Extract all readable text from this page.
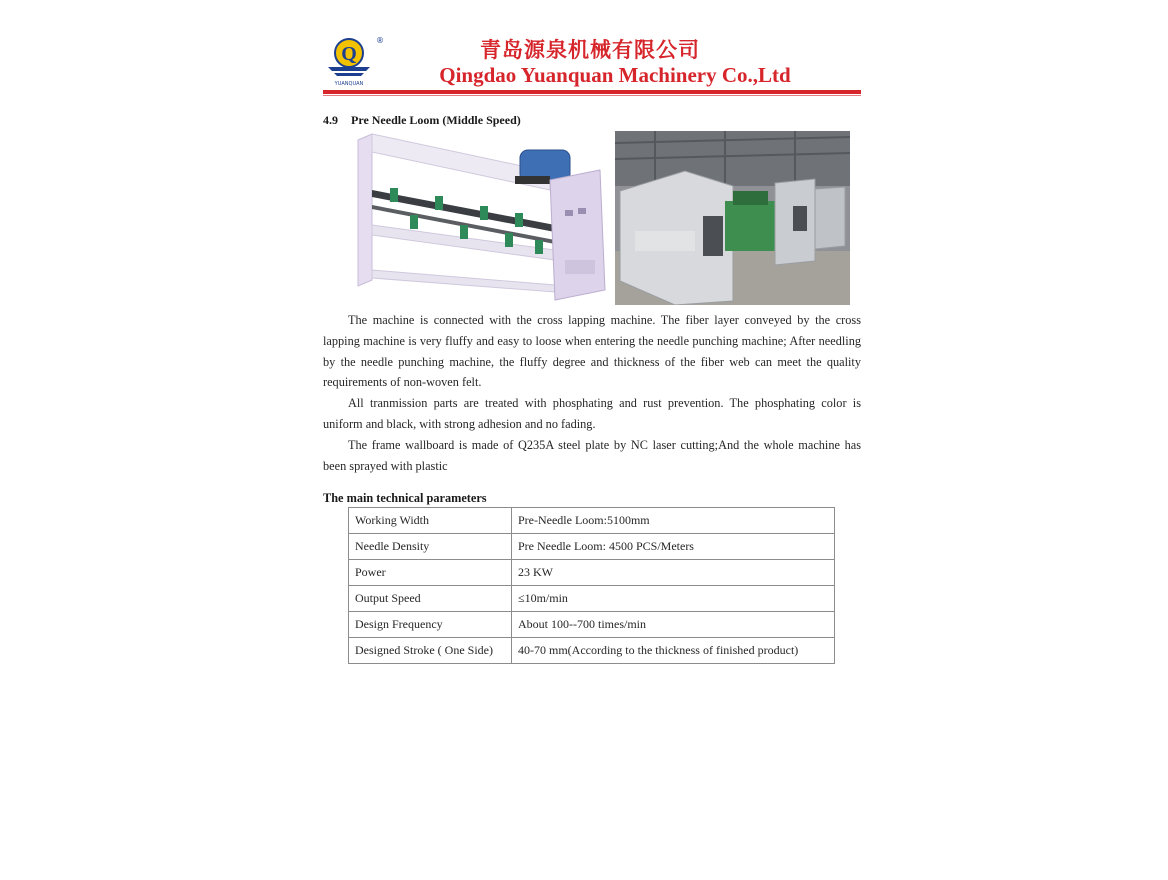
Q
®
YUANQUAN
青岛源泉机械有限公司
Qingdao Yuanquan Machinery Co.,Ltd
4.9 Pre Needle Loom (Middle Speed)
The machine is connected with the cross lapping machine. The fiber layer conveyed by the cross lapping machine is very fluffy and easy to loose when entering the needle punching machine; After needling by the needle punching machine, the fluffy degree and thickness of the fiber web can meet the quality requirements of non-woven felt.
All tranmission parts are treated with phosphating and rust prevention. The phosphating color is uniform and black, with strong adhesion and no fading.
The frame wallboard is made of Q235A steel plate by NC laser cutting;And the whole machine has been sprayed with plastic
The main technical parameters
Working Width	Pre-Needle Loom:5100mm
Needle Density	Pre Needle Loom: 4500 PCS/Meters
Power	23 KW
Output Speed	≤10m/min
Design Frequency	About 100--700 times/min
Designed Stroke ( One Side)	40-70 mm(According to the thickness of finished product)
